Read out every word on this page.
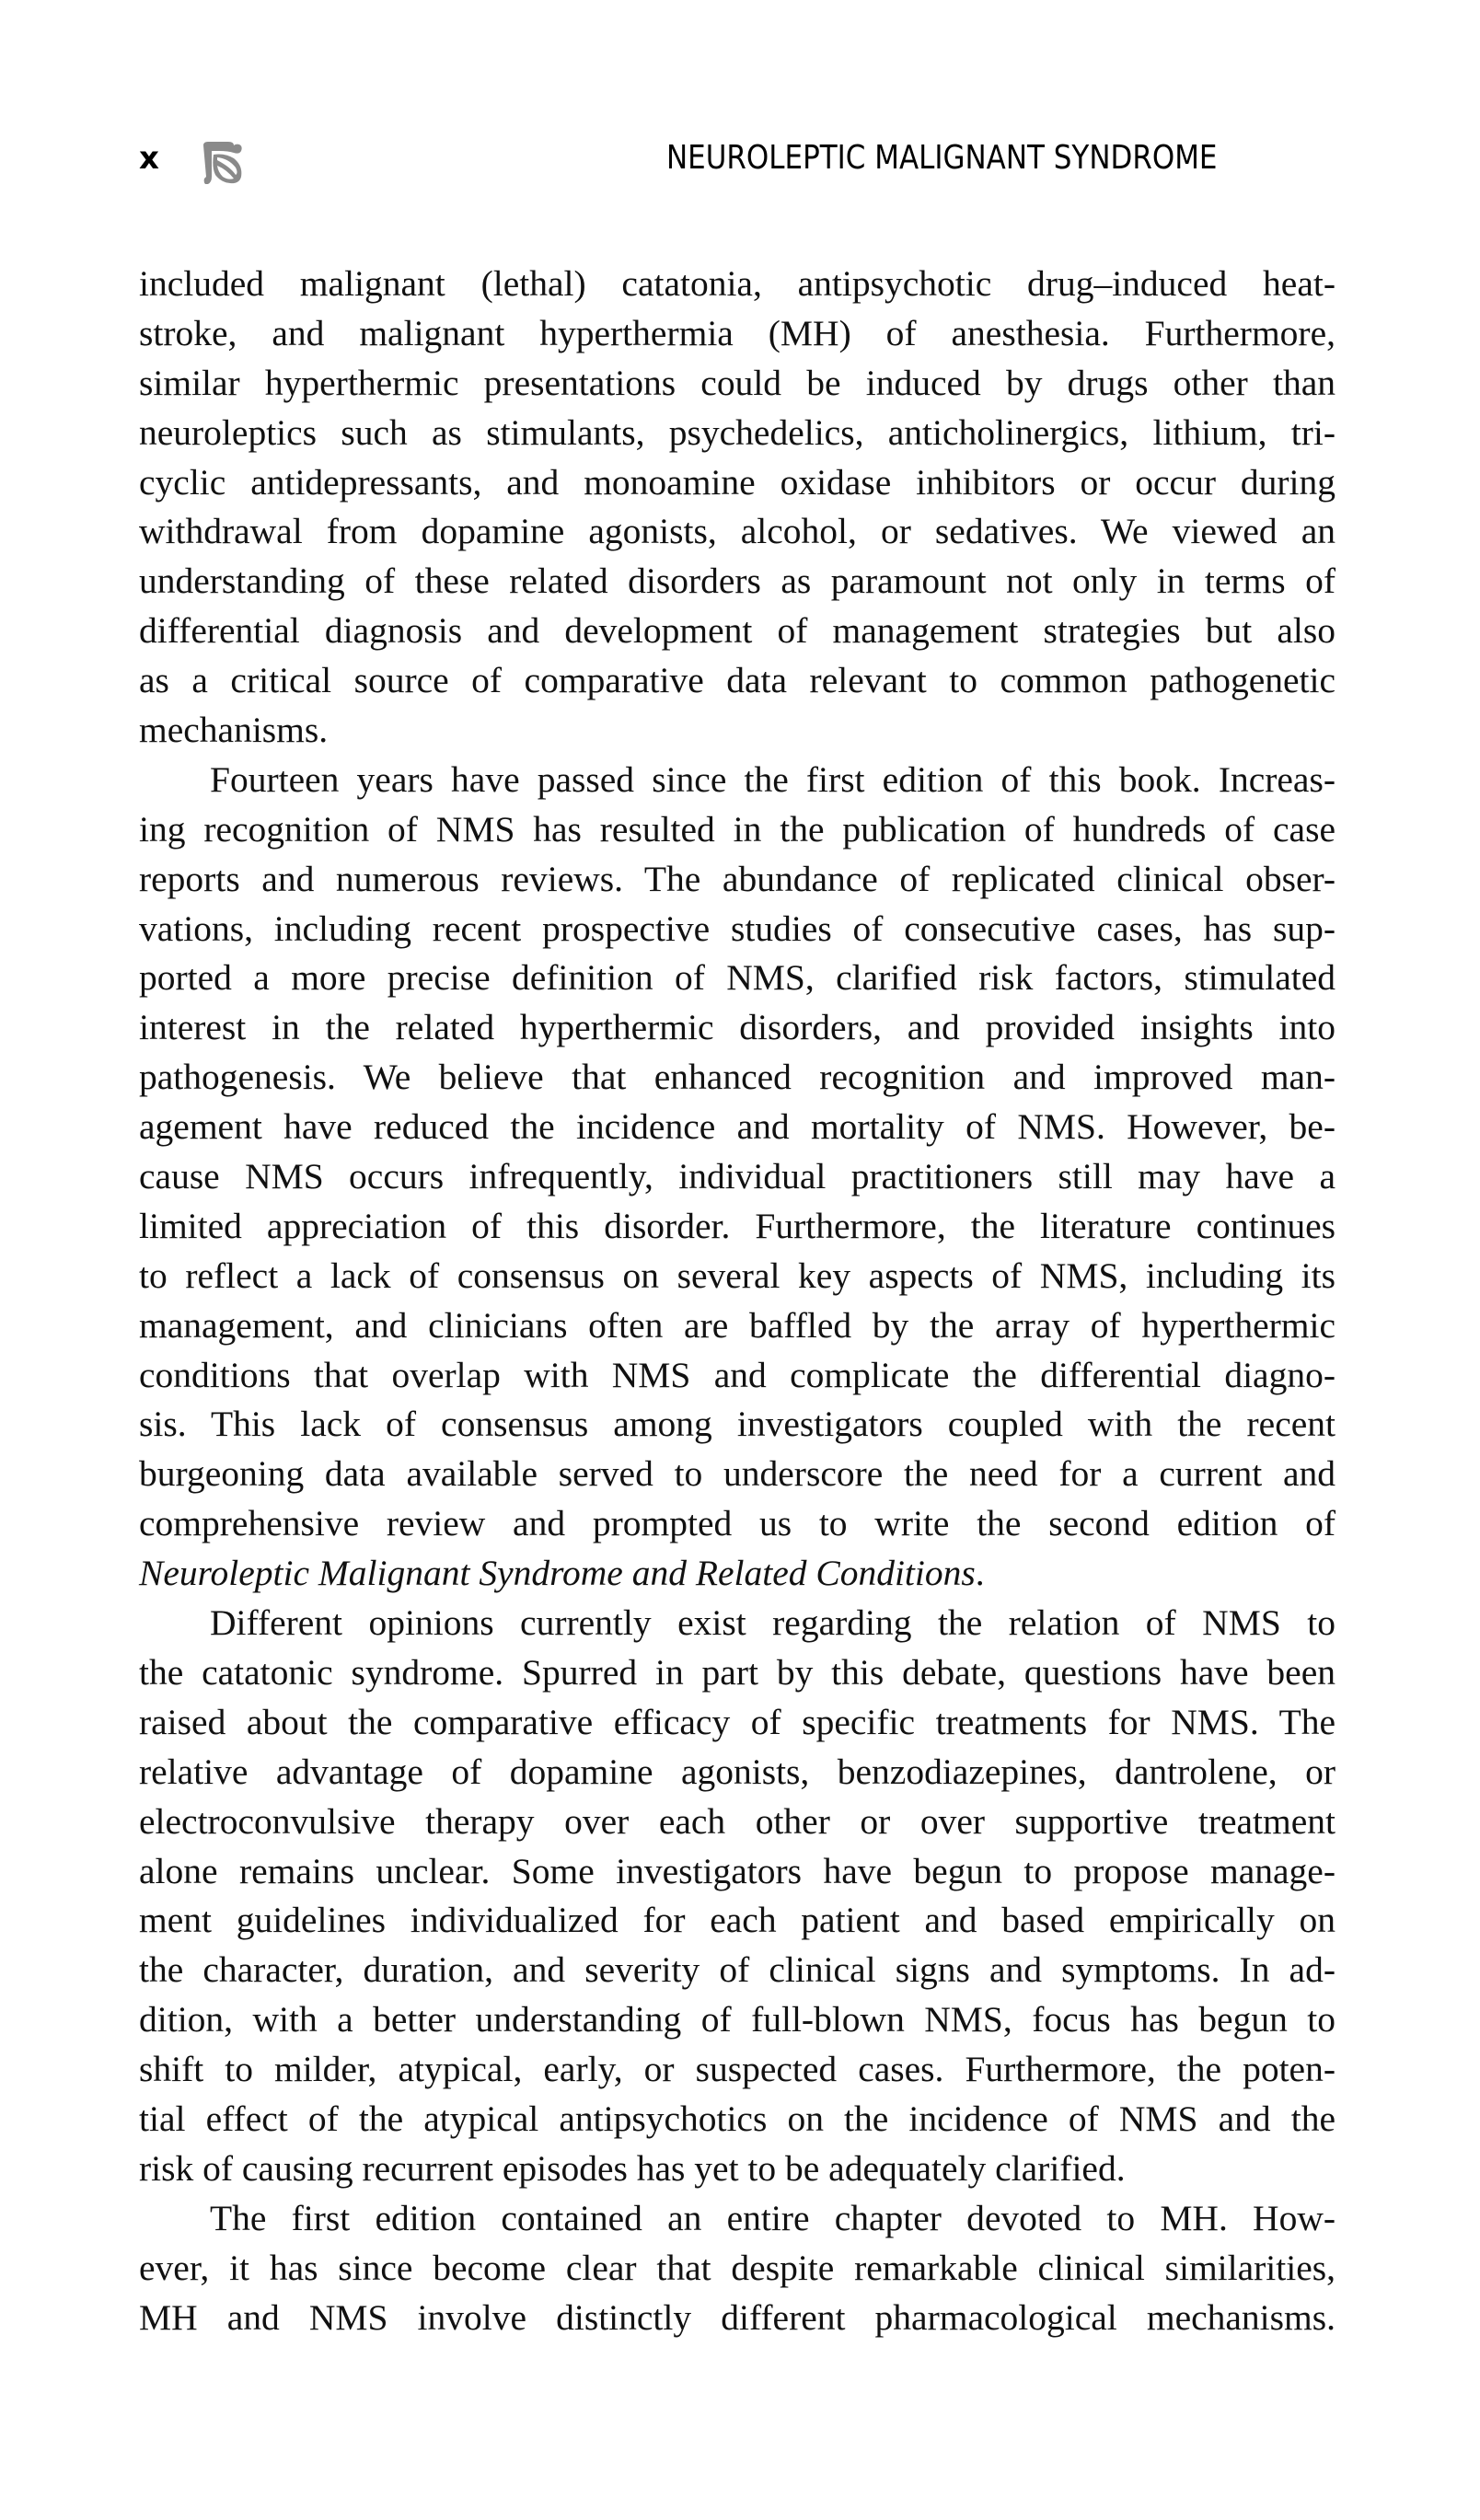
x	NEUROLEPTIC MALIGNANT SYNDROME
included malignant (lethal) catatonia, antipsychotic drug–induced heat-
stroke, and malignant hyperthermia (MH) of anesthesia. Furthermore,
similar hyperthermic presentations could be induced by drugs other than
neuroleptics such as stimulants, psychedelics, anticholinergics, lithium, tri-
cyclic antidepressants, and monoamine oxidase inhibitors or occur during
withdrawal from dopamine agonists, alcohol, or sedatives. We viewed an
understanding of these related disorders as paramount not only in terms of
differential diagnosis and development of management strategies but also
as a critical source of comparative data relevant to common pathogenetic
mechanisms.
Fourteen years have passed since the first edition of this book. Increas-
ing recognition of NMS has resulted in the publication of hundreds of case
reports and numerous reviews. The abundance of replicated clinical obser-
vations, including recent prospective studies of consecutive cases, has sup-
ported a more precise definition of NMS, clarified risk factors, stimulated
interest in the related hyperthermic disorders, and provided insights into
pathogenesis. We believe that enhanced recognition and improved man-
agement have reduced the incidence and mortality of NMS. However, be-
cause NMS occurs infrequently, individual practitioners still may have a
limited appreciation of this disorder. Furthermore, the literature continues
to reflect a lack of consensus on several key aspects of NMS, including its
management, and clinicians often are baffled by the array of hyperthermic
conditions that overlap with NMS and complicate the differential diagno-
sis. This lack of consensus among investigators coupled with the recent
burgeoning data available served to underscore the need for a current and
comprehensive review and prompted us to write the second edition of
Neuroleptic Malignant Syndrome and Related Conditions.
Different opinions currently exist regarding the relation of NMS to
the catatonic syndrome. Spurred in part by this debate, questions have been
raised about the comparative efficacy of specific treatments for NMS. The
relative advantage of dopamine agonists, benzodiazepines, dantrolene, or
electroconvulsive therapy over each other or over supportive treatment
alone remains unclear. Some investigators have begun to propose manage-
ment guidelines individualized for each patient and based empirically on
the character, duration, and severity of clinical signs and symptoms. In ad-
dition, with a better understanding of full-blown NMS, focus has begun to
shift to milder, atypical, early, or suspected cases. Furthermore, the poten-
tial effect of the atypical antipsychotics on the incidence of NMS and the
risk of causing recurrent episodes has yet to be adequately clarified.
The first edition contained an entire chapter devoted to MH. How-
ever, it has since become clear that despite remarkable clinical similarities,
MH and NMS involve distinctly different pharmacological mechanisms.
